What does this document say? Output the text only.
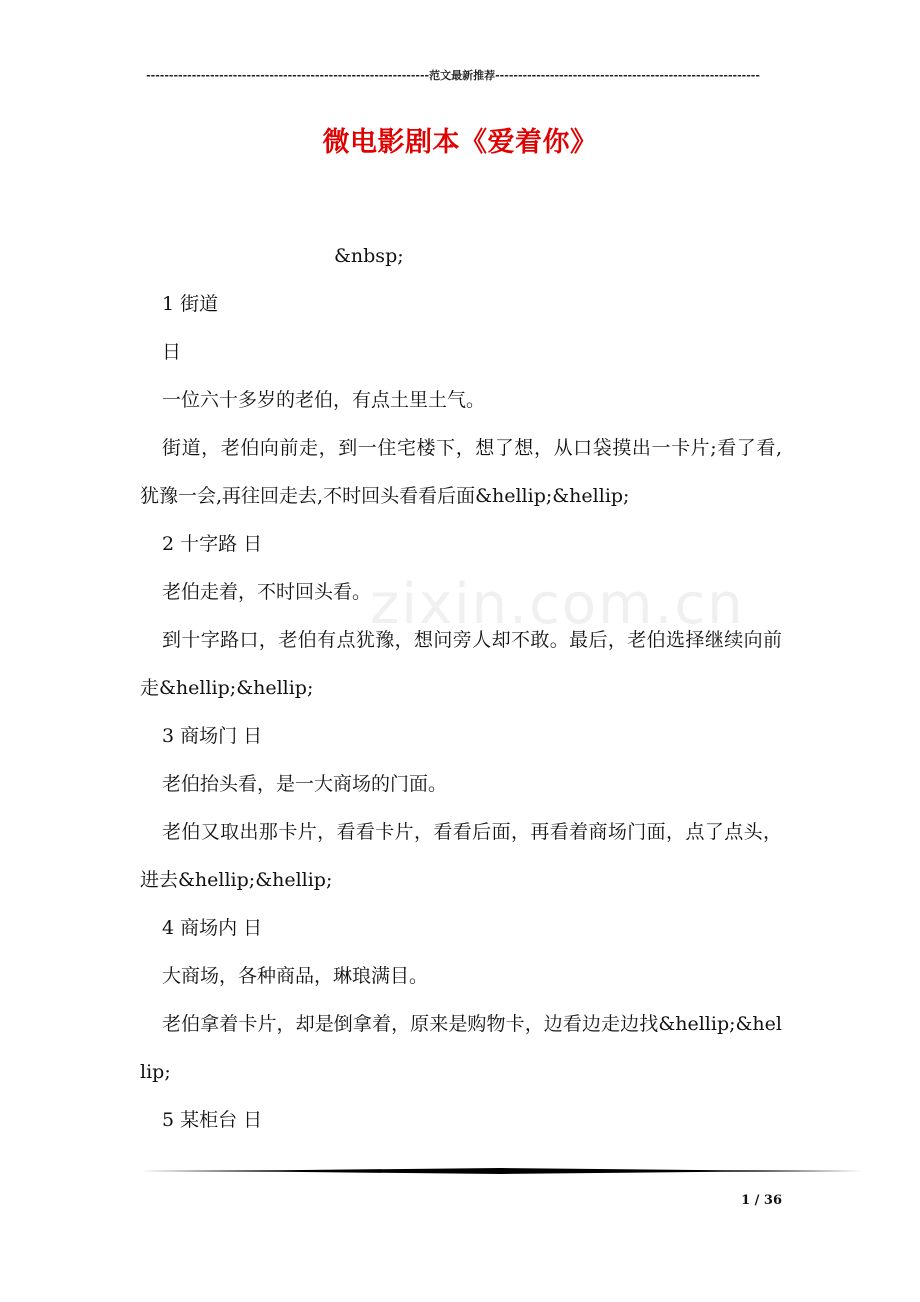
--------------------------------------------------------------范文最新推荐----------------------------------------------------------
微电影剧本《爱着你》
zixin.com.cn

&nbsp;

1 街道

日

一位六十多岁的老伯，有点土里土气。

街道，老伯向前走，到一住宅楼下，想了想，从口袋摸出一卡片;看了看,犹豫一会,再往回走去,不时回头看看后面&hellip;&hellip;

2 十字路 日

老伯走着，不时回头看。

到十字路口，老伯有点犹豫，想问旁人却不敢。最后，老伯选择继续向前走&hellip;&hellip;

3 商场门 日

老伯抬头看，是一大商场的门面。

老伯又取出那卡片，看看卡片，看看后面，再看着商场门面，点了点头，进去&hellip;&hellip;

4 商场内 日

大商场，各种商品，琳琅满目。

老伯拿着卡片，却是倒拿着，原来是购物卡，边看边走边找&hellip;&hellip;

5 某柜台 日

1 / 36
